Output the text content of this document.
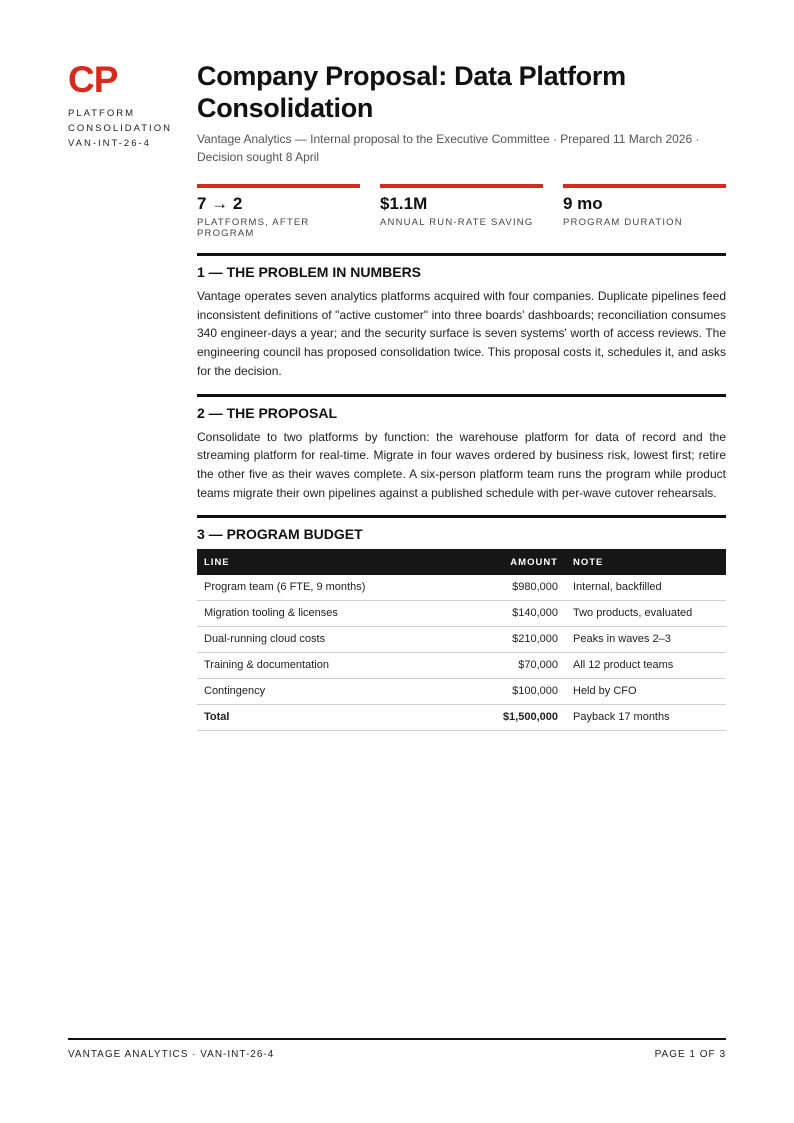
CP
PLATFORM
CONSOLIDATION
VAN-INT-26-4
Company Proposal: Data Platform Consolidation
Vantage Analytics — Internal proposal to the Executive Committee · Prepared 11 March 2026 · Decision sought 8 April
7 → 2
PLATFORMS, AFTER PROGRAM
$1.1M
ANNUAL RUN-RATE SAVING
9 mo
PROGRAM DURATION
1 — THE PROBLEM IN NUMBERS

Vantage operates seven analytics platforms acquired with four companies. Duplicate pipelines feed inconsistent definitions of "active customer" into three boards' dashboards; reconciliation consumes 340 engineer-days a year; and the security surface is seven systems' worth of access reviews. The engineering council has proposed consolidation twice. This proposal costs it, schedules it, and asks for the decision.

2 — THE PROPOSAL

Consolidate to two platforms by function: the warehouse platform for data of record and the streaming platform for real-time. Migrate in four waves ordered by business risk, lowest first; retire the other five as their waves complete. A six-person platform team runs the program while product teams migrate their own pipelines against a published schedule with per-wave cutover rehearsals.

3 — PROGRAM BUDGET
LINE	AMOUNT	NOTE
Program team (6 FTE, 9 months)	$980,000	Internal, backfilled
Migration tooling & licenses	$140,000	Two products, evaluated
Dual-running cloud costs	$210,000	Peaks in waves 2–3
Training & documentation	$70,000	All 12 product teams
Contingency	$100,000	Held by CFO
Total	$1,500,000	Payback 17 months
VANTAGE ANALYTICS · VAN-INT-26-4	PAGE 1 OF 3
